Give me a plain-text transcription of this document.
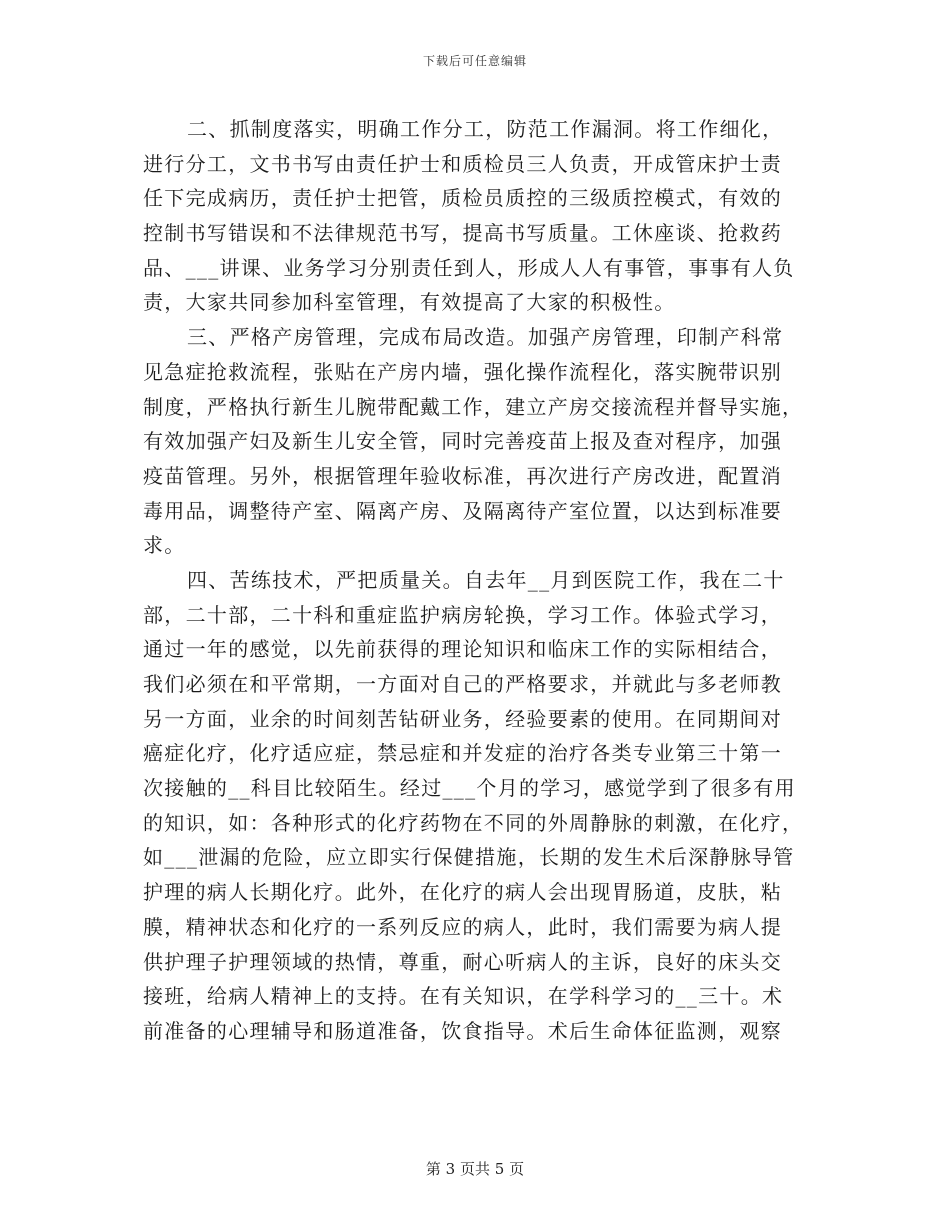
下载后可任意编辑
二、抓制度落实，明确工作分工，防范工作漏洞。将工作细化，
进行分工，文书书写由责任护士和质检员三人负责，开成管床护士责
任下完成病历，责任护士把管，质检员质控的三级质控模式，有效的
控制书写错误和不法律规范书写，提高书写质量。工休座谈、抢救药
品、___讲课、业务学习分别责任到人，形成人人有事管，事事有人负
责，大家共同参加科室管理，有效提高了大家的积极性。
三、严格产房管理，完成布局改造。加强产房管理，印制产科常
见急症抢救流程，张贴在产房内墙，强化操作流程化，落实腕带识别
制度，严格执行新生儿腕带配戴工作，建立产房交接流程并督导实施，
有效加强产妇及新生儿安全管，同时完善疫苗上报及查对程序，加强
疫苗管理。另外，根据管理年验收标准，再次进行产房改进，配置消
毒用品，调整待产室、隔离产房、及隔离待产室位置，以达到标准要
求。
四、苦练技术，严把质量关。自去年__月到医院工作，我在二十
部，二十部，二十科和重症监护病房轮换，学习工作。体验式学习，
通过一年的感觉，以先前获得的理论知识和临床工作的实际相结合，
我们必须在和平常期，一方面对自己的严格要求，并就此与多老师教
另一方面，业余的时间刻苦钻研业务，经验要素的使用。在同期间对
癌症化疗，化疗适应症，禁忌症和并发症的治疗各类专业第三十第一
次接触的__科目比较陌生。经过___个月的学习，感觉学到了很多有用
的知识，如：各种形式的化疗药物在不同的外周静脉的刺激，在化疗，
如___泄漏的危险，应立即实行保健措施，长期的发生术后深静脉导管
护理的病人长期化疗。此外，在化疗的病人会出现胃肠道，皮肤，粘
膜，精神状态和化疗的一系列反应的病人，此时，我们需要为病人提
供护理子护理领域的热情，尊重，耐心听病人的主诉，良好的床头交
接班，给病人精神上的支持。在有关知识，在学科学习的__三十。术
前准备的心理辅导和肠道准备，饮食指导。术后生命体征监测，观察
第 3 页共 5 页
